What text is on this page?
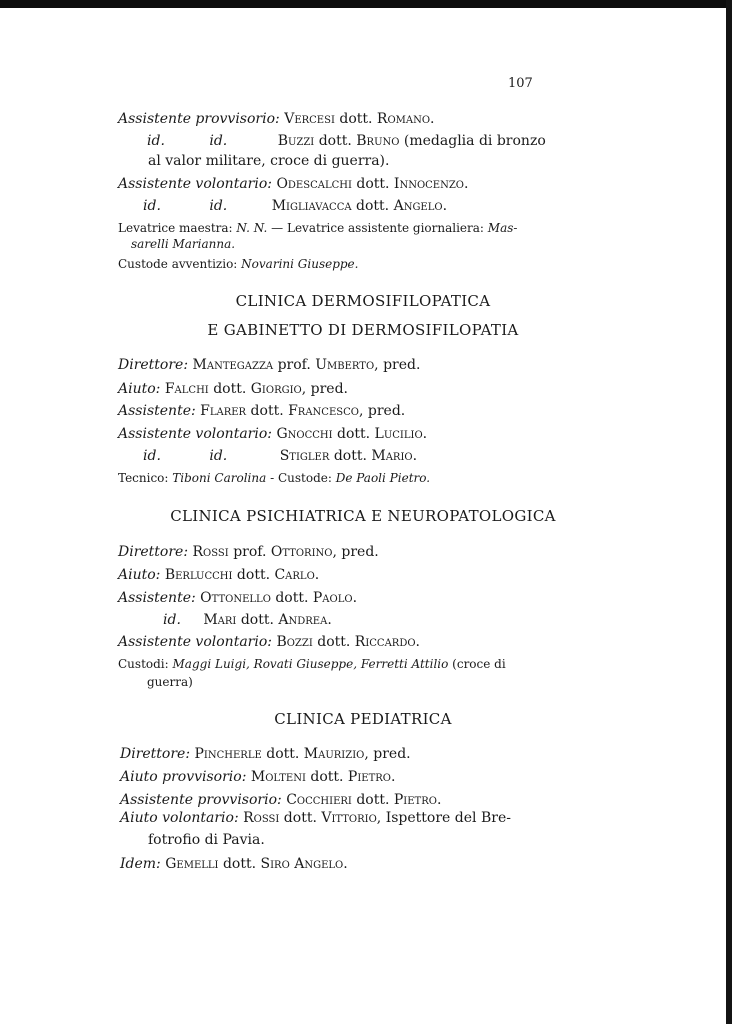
107
Assistente provvisorio: Vercesi dott. Romano.
id.	id.	Buzzi dott. Bruno (medaglia di bronzo
al valor militare, croce di guerra).
Assistente volontario: Odescalchi dott. Innocenzo.
id.	id.	Migliavacca dott. Angelo.
Levatrice maestra: N. N. — Levatrice assistente giornaliera: Mas-
sarelli Marianna.
Custode avventizio: Novarini Giuseppe.
CLINICA DERMOSIFILOPATICA
E GABINETTO DI DERMOSIFILOPATIA
Direttore: Mantegazza prof. Umberto, pred.
Aiuto: Falchi dott. Giorgio, pred.
Assistente: Flarer dott. Francesco, pred.
Assistente volontario: Gnocchi dott. Lucilio.
id.	id.	Stigler dott. Mario.
Tecnico: Tiboni Carolina - Custode: De Paoli Pietro.
CLINICA PSICHIATRICA E NEUROPATOLOGICA
Direttore: Rossi prof. Ottorino, pred.
Aiuto: Berlucchi dott. Carlo.
Assistente: Ottonello dott. Paolo.
id. Mari dott. Andrea.
Assistente volontario: Bozzi dott. Riccardo.
Custodi: Maggi Luigi, Rovati Giuseppe, Ferretti Attilio (croce di
guerra)
CLINICA PEDIATRICA
Direttore: Pincherle dott. Maurizio, pred.
Aiuto provvisorio: Molteni dott. Pietro.
Assistente provvisorio: Cocchieri dott. Pietro.
Aiuto volontario: Rossi dott. Vittorio, Ispettore del Bre-
fotrofio di Pavia.
Idem: Gemelli dott. Siro Angelo.
